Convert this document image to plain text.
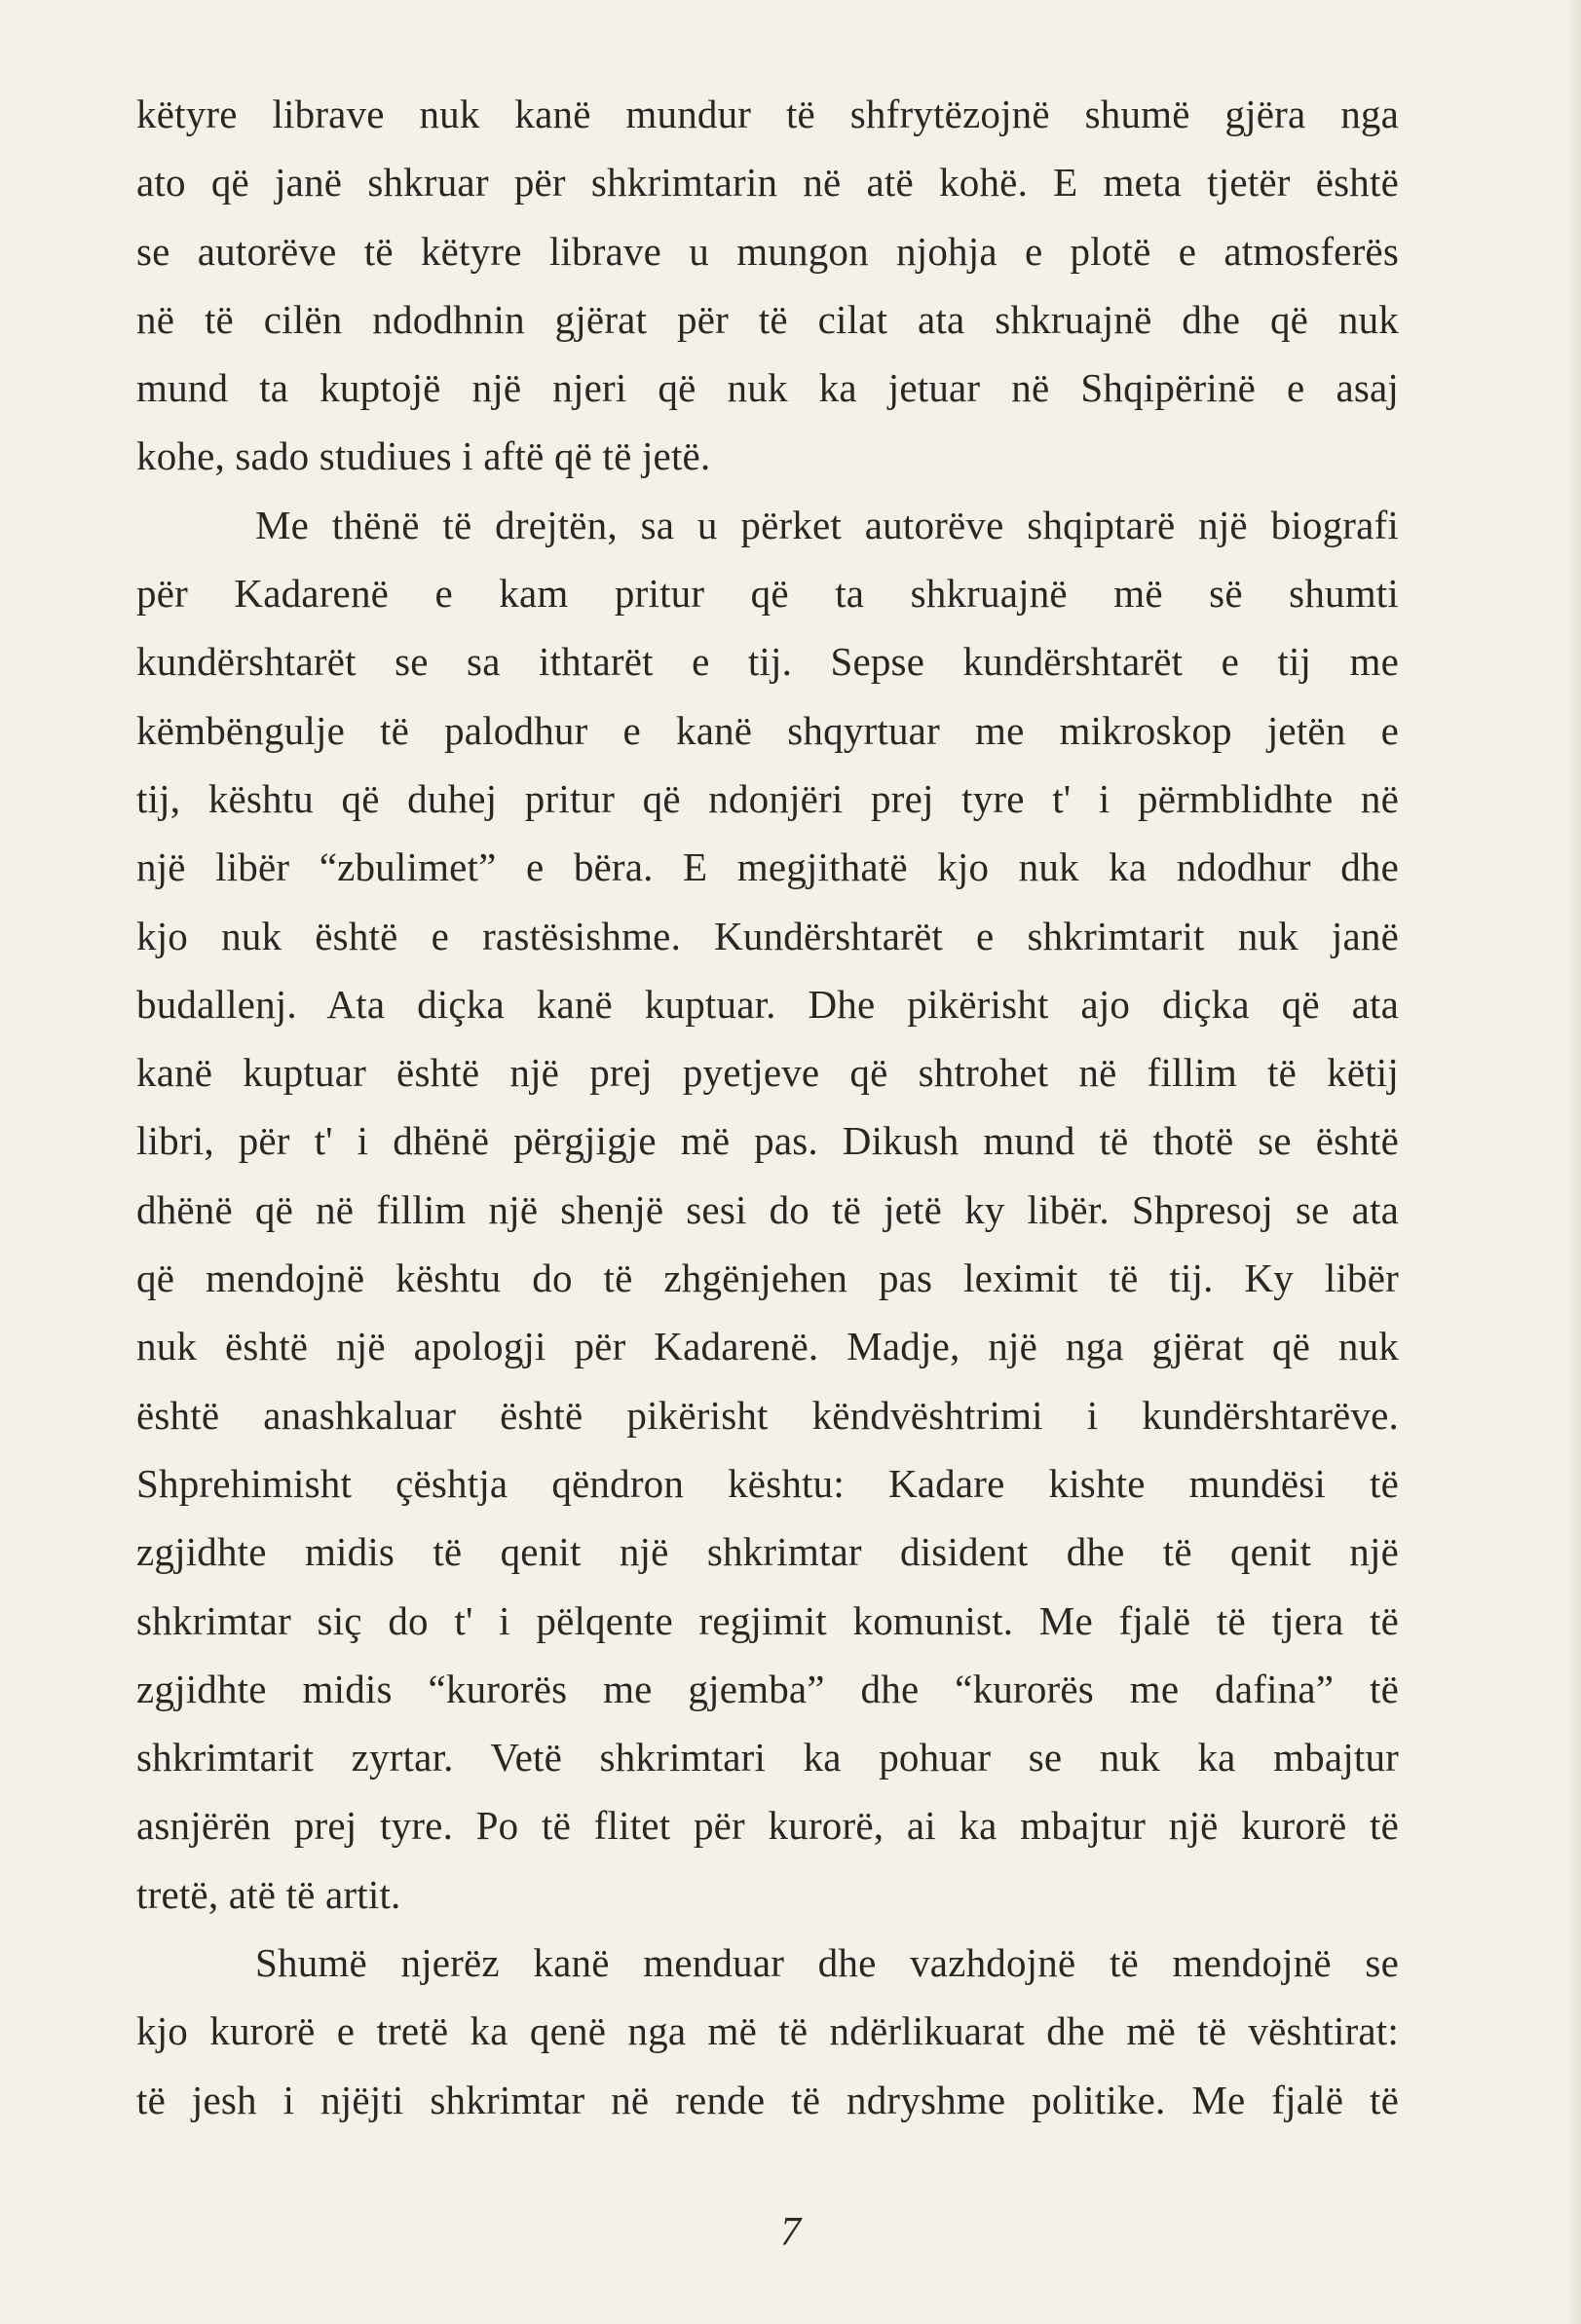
këtyre librave nuk kanë mundur të shfrytëzojnë shumë gjëra nga
ato që janë shkruar për shkrimtarin në atë kohë. E meta tjetër është
se autorëve të këtyre librave u mungon njohja e plotë e atmosferës
në të cilën ndodhnin gjërat për të cilat ata shkruajnë dhe që nuk
mund ta kuptojë një njeri që nuk ka jetuar në Shqipërinë e asaj
kohe, sado studiues i aftë që të jetë.
Me thënë të drejtën, sa u përket autorëve shqiptarë një biografi
për Kadarenë e kam pritur që ta shkruajnë më së shumti
kundërshtarët se sa ithtarët e tij. Sepse kundërshtarët e tij me
këmbëngulje të palodhur e kanë shqyrtuar me mikroskop jetën e
tij, kështu që duhej pritur që ndonjëri prej tyre t' i përmblidhte në
një libër “zbulimet” e bëra. E megjithatë kjo nuk ka ndodhur dhe
kjo nuk është e rastësishme. Kundërshtarët e shkrimtarit nuk janë
budallenj. Ata diçka kanë kuptuar. Dhe pikërisht ajo diçka që ata
kanë kuptuar është një prej pyetjeve që shtrohet në fillim të këtij
libri, për t' i dhënë përgjigje më pas. Dikush mund të thotë se është
dhënë që në fillim një shenjë sesi do të jetë ky libër. Shpresoj se ata
që mendojnë kështu do të zhgënjehen pas leximit të tij. Ky libër
nuk është një apologji për Kadarenë. Madje, një nga gjërat që nuk
është anashkaluar është pikërisht këndvështrimi i kundërshtarëve.
Shprehimisht çështja qëndron kështu: Kadare kishte mundësi të
zgjidhte midis të qenit një shkrimtar disident dhe të qenit një
shkrimtar siç do t' i pëlqente regjimit komunist. Me fjalë të tjera të
zgjidhte midis “kurorës me gjemba” dhe “kurorës me dafina” të
shkrimtarit zyrtar. Vetë shkrimtari ka pohuar se nuk ka mbajtur
asnjërën prej tyre. Po të flitet për kurorë, ai ka mbajtur një kurorë të
tretë, atë të artit.
Shumë njerëz kanë menduar dhe vazhdojnë të mendojnë se
kjo kurorë e tretë ka qenë nga më të ndërlikuarat dhe më të vështirat:
të jesh i njëjti shkrimtar në rende të ndryshme politike. Me fjalë të
7
